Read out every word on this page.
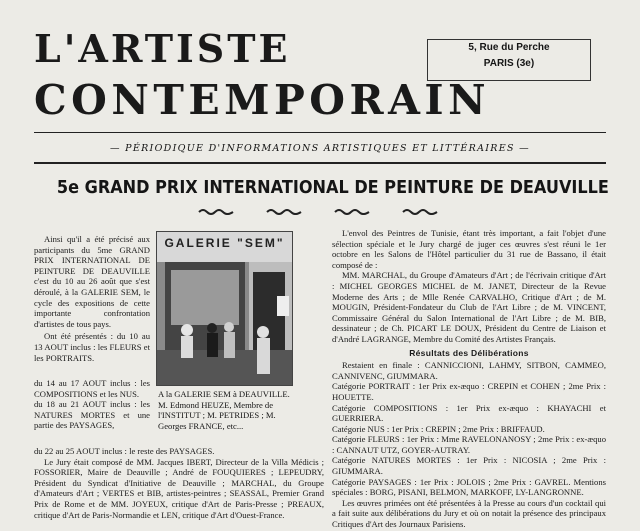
L'ARTISTE
CONTEMPORAIN
5, Rue du Perche
PARIS (3e)
— PÉRIODIQUE D'INFORMATIONS ARTISTIQUES ET LITTÉRAIRES —
5e GRAND PRIX INTERNATIONAL DE PEINTURE DE DEAUVILLE

Ainsi qu'il a été précisé aux participants du 5me GRAND PRIX INTERNATIONAL DE PEINTURE DE DEAUVILLE c'est du 10 au 26 août que s'est déroulé, à la GALERIE SEM, le cycle des expositions de cette importante confrontation d'artistes de tous pays.

Ont été présentés : du 10 au 13 AOUT inclus : les FLEURS et les PORTRAITS.

du 14 au 17 AOUT inclus : les COMPOSITIONS et les NUS.

du 18 au 21 AOUT inclus : les NATURES MORTES et une partie des PAYSAGES,

GALERIE "SEM"
A la GALERIE SEM à DEAUVILLE. M. Edmond HEUZE, Membre de l'INSTITUT ; M. PETRIDES ; M. Georges FRANCE, etc...

du 22 au 25 AOUT inclus : le reste des PAYSAGES.

Le Jury était composé de MM. Jacques IBERT, Directeur de la Villa Médicis ; FOSSORIER, Maire de Deauville ; André de FOUQUIERES ; LEPEUDRY, Président du Syndicat d'Initiative de Deauville ; MARCHAL, du Groupe d'Amateurs d'Art ; VERTES et BIB, artistes-peintres ; SEASSAL, Premier Grand Prix de Rome et de MM. JOYEUX, critique d'Art de Paris-Presse ; PREAUX, critique d'Art de Paris-Normandie et LEN, critique d'Art d'Ouest-France.

L'envol des Peintres de Tunisie, étant très important, a fait l'objet d'une sélection spéciale et le Jury chargé de juger ces œuvres s'est réuni le 1er octobre en les Salons de l'Hôtel particulier du 31 rue de Bassano, il était composé de :

MM. MARCHAL, du Groupe d'Amateurs d'Art ; de l'écrivain critique d'Art : MICHEL GEORGES MICHEL de M. JANET, Directeur de la Revue Moderne des Arts ; de Mlle Renée CARVALHO, Critique d'Art ; de M. MOUGIN, Président-Fondateur du Club de l'Art Libre ; de M. VINCENT, Commissaire Général du Salon International de l'Art Libre ; de M. BIB, dessinateur ; de Ch. PICART LE DOUX, Président du Centre de Liaison et d'André LAGRANGE, Membre du Comité des Artistes Français.

Résultats des Délibérations

Restaient en finale : CANNICCIONI, LAHMY, SITBON, CAMMEO, CANNIVENC, GIUMMARA.

Catégorie PORTRAIT : 1er Prix ex-æquo : CREPIN et COHEN ; 2me Prix : HOUETTE.

Catégorie COMPOSITIONS : 1er Prix ex-æquo : KHAYACHI et GUERRIERA.

Catégorie NUS : 1er Prix : CREPIN ; 2me Prix : BRIFFAUD.

Catégorie FLEURS : 1er Prix : Mme RAVELONANOSY ; 2me Prix : ex-æquo : CANNAUT UTZ, GOYER-AUTRAY.

Catégorie NATURES MORTES : 1er Prix : NICOSIA ; 2me Prix : GIUMMARA.

Catégorie PAYSAGES : 1er Prix : JOLOIS ; 2me Prix : GAVREL. Mentions spéciales : BORG, PISANI, BELMON, MARKOFF, LY-LANGRONNE.

Les œuvres primées ont été présentées à la Presse au cours d'un cocktail qui a fait suite aux délibérations du Jury et où on notait la présence des principaux Critiques d'Art des Journaux Parisiens.
